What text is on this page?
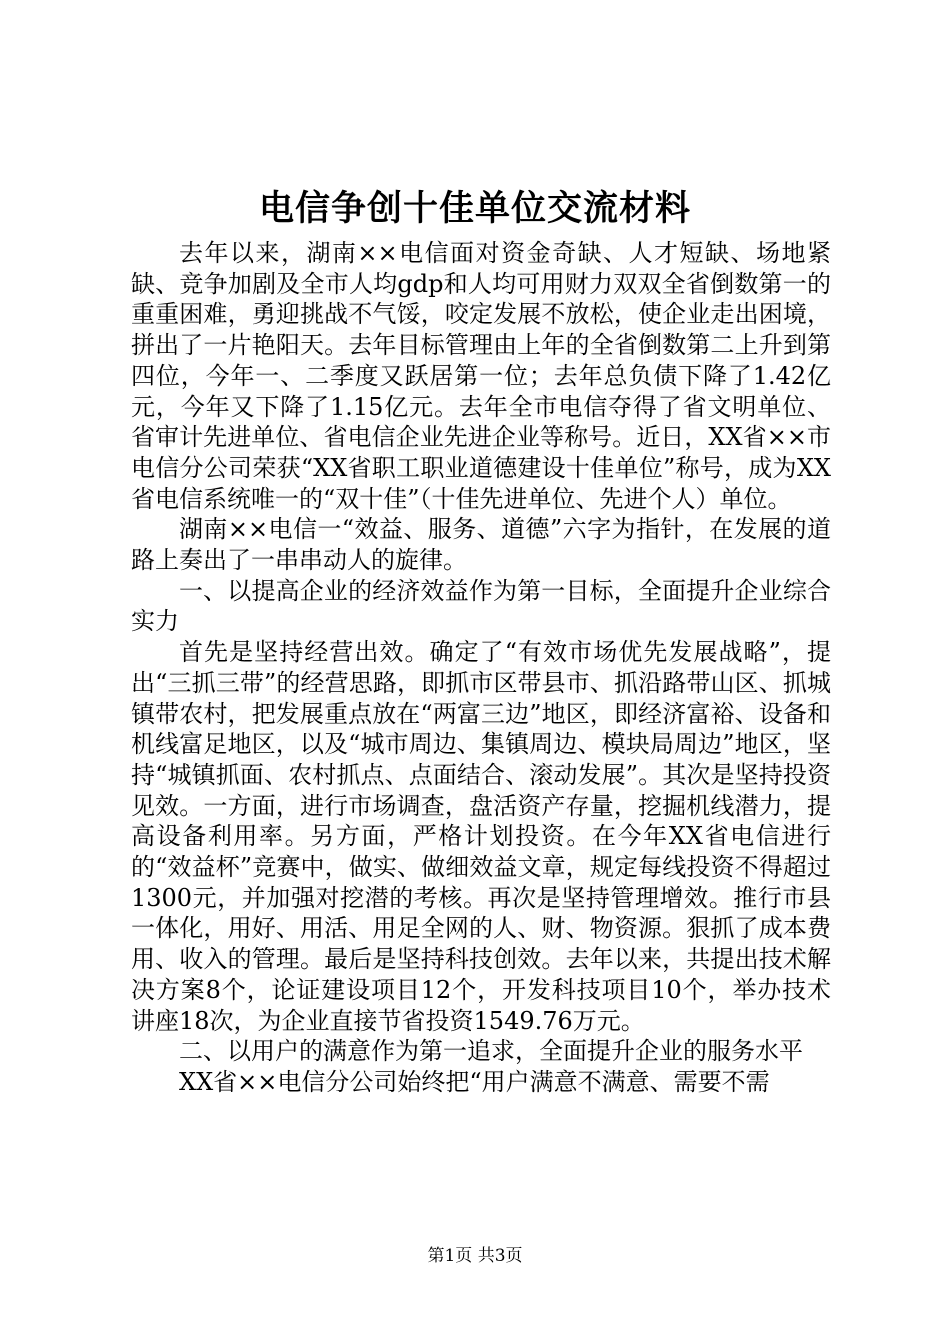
电信争创十佳单位交流材料

去年以来，湖南××电信面对资金奇缺、人才短缺、场地紧缺、竞争加剧及全市人均gdp和人均可用财力双双全省倒数第一的重重困难，勇迎挑战不气馁，咬定发展不放松，使企业走出困境，拼出了一片艳阳天。去年目标管理由上年的全省倒数第二上升到第四位，今年一、二季度又跃居第一位；去年总负债下降了1.42亿元，今年又下降了1.15亿元。去年全市电信夺得了省文明单位、省审计先进单位、省电信企业先进企业等称号。近日，XX省××市电信分公司荣获“XX省职工职业道德建设十佳单位”称号，成为XX省电信系统唯一的“双十佳”（十佳先进单位、先进个人）单位。

湖南××电信一“效益、服务、道德”六字为指针，在发展的道路上奏出了一串串动人的旋律。

一、以提高企业的经济效益作为第一目标，全面提升企业综合实力

首先是坚持经营出效。确定了“有效市场优先发展战略”，提出“三抓三带”的经营思路，即抓市区带县市、抓沿路带山区、抓城镇带农村，把发展重点放在“两富三边”地区，即经济富裕、设备和机线富足地区，以及“城市周边、集镇周边、模块局周边”地区，坚持“城镇抓面、农村抓点、点面结合、滚动发展”。其次是坚持投资见效。一方面，进行市场调查，盘活资产存量，挖掘机线潜力，提高设备利用率。另方面，严格计划投资。在今年XX省电信进行的“效益杯”竞赛中，做实、做细效益文章，规定每线投资不得超过1300元，并加强对挖潜的考核。再次是坚持管理增效。推行市县一体化，用好、用活、用足全网的人、财、物资源。狠抓了成本费用、收入的管理。最后是坚持科技创效。去年以来，共提出技术解决方案8个，论证建设项目12个，开发科技项目10个，举办技术讲座18次，为企业直接节省投资1549.76万元。

二、以用户的满意作为第一追求，全面提升企业的服务水平

XX省××电信分公司始终把“用户满意不满意、需要不需

第1页 共3页
